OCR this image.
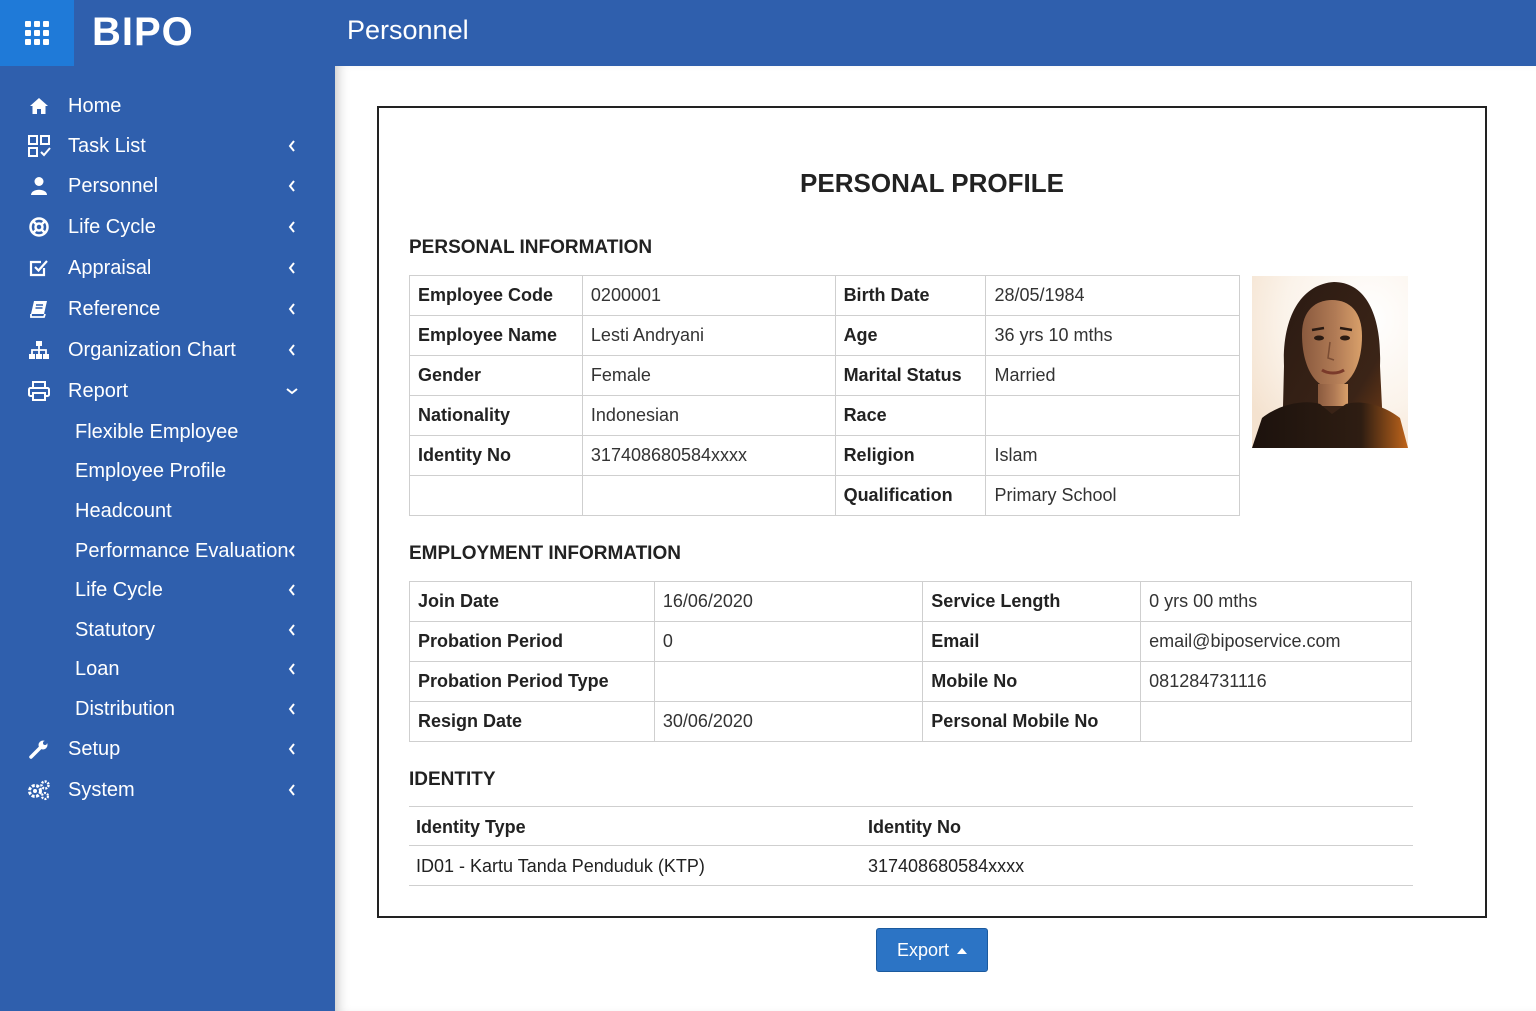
BIPO	Personnel
Home
Task List
Personnel
Life Cycle
Appraisal
Reference
Organization Chart
Report
Flexible Employee
Employee Profile
Headcount
Performance Evaluation
Life Cycle
Statutory
Loan
Distribution
Setup
System
PERSONAL PROFILE
PERSONAL INFORMATION
Employee Code	0200001	Birth Date	28/05/1984
Employee Name	Lesti Andryani	Age	36 yrs 10 mths
Gender	Female	Marital Status	Married
Nationality	Indonesian	Race	
Identity No	317408680584xxxx	Religion	Islam
		Qualification	Primary School
EMPLOYMENT INFORMATION
Join Date	16/06/2020	Service Length	0 yrs 00 mths
Probation Period	0	Email	email@biposervice.com
Probation Period Type		Mobile No	081284731116
Resign Date	30/06/2020	Personal Mobile No	
IDENTITY
Identity Type	Identity No
ID01 - Kartu Tanda Penduduk (KTP)	317408680584xxxx
Export
